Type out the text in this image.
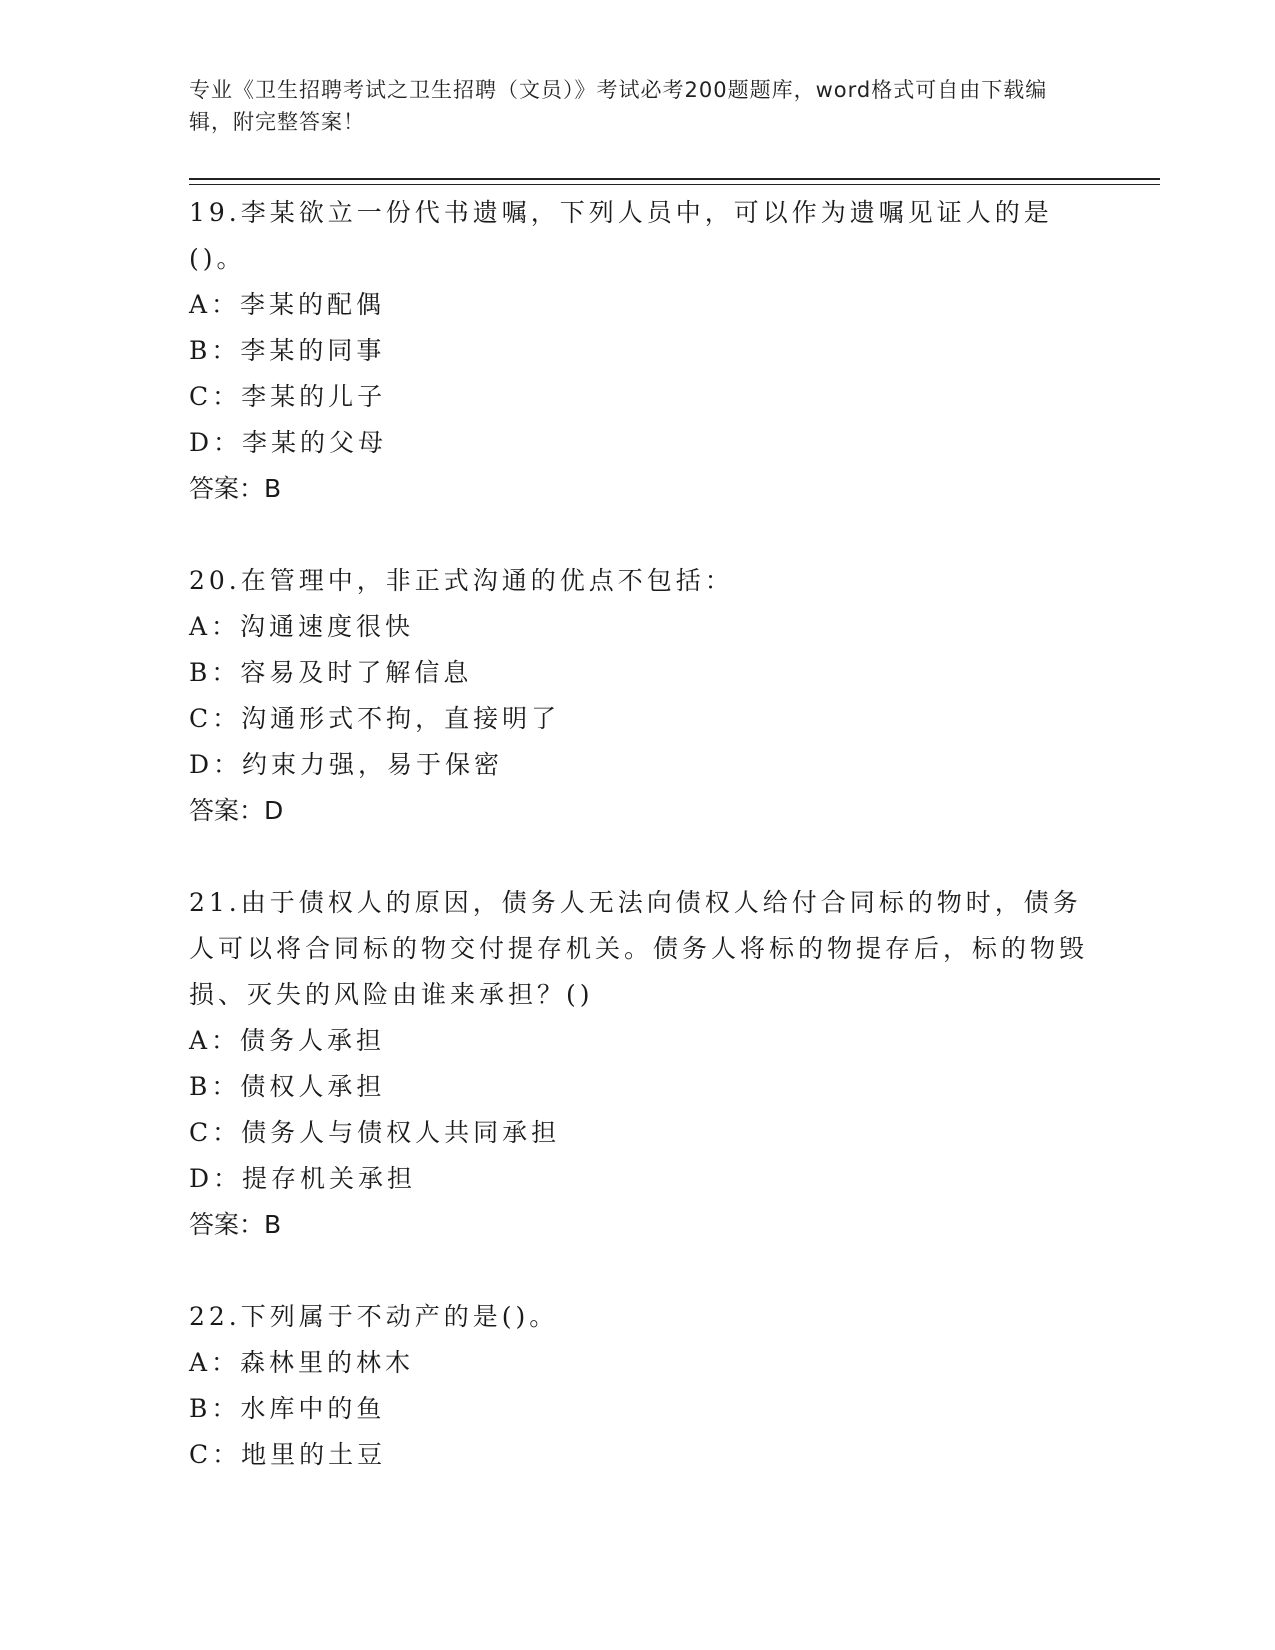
专业《卫生招聘考试之卫生招聘（文员）》考试必考200题题库，word格式可自由下载编辑，附完整答案！

19.李某欲立一份代书遗嘱，下列人员中，可以作为遗嘱见证人的是()。

A：李某的配偶

B：李某的同事

C：李某的儿子

D：李某的父母

答案：B

20.在管理中，非正式沟通的优点不包括：

A：沟通速度很快

B：容易及时了解信息

C：沟通形式不拘，直接明了

D：约束力强，易于保密

答案：D

21.由于债权人的原因，债务人无法向债权人给付合同标的物时，债务人可以将合同标的物交付提存机关。债务人将标的物提存后，标的物毁损、灭失的风险由谁来承担？()

A：债务人承担

B：债权人承担

C：债务人与债权人共同承担

D：提存机关承担

答案：B

22.下列属于不动产的是()。

A：森林里的林木

B：水库中的鱼

C：地里的土豆
